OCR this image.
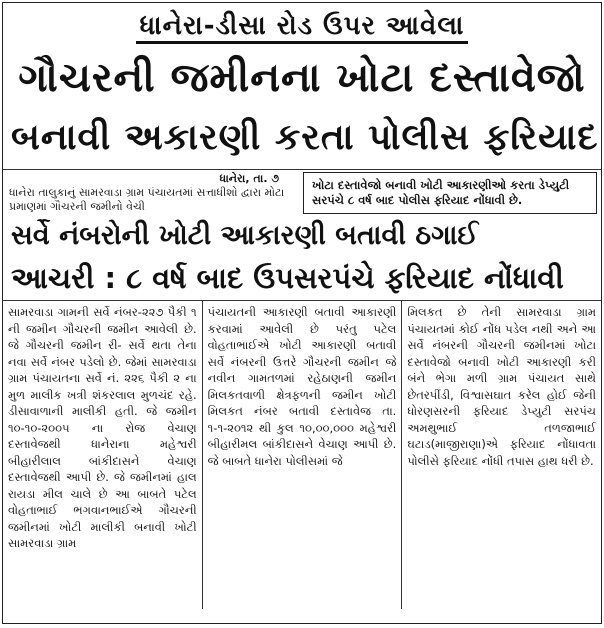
ધાનેરા-ડીસા રોડ ઉપર આવેલા
ગૌચરની જમીનના ખોટા દસ્તાવેજો
બનાવી અકારણી કરતા પોલીસ ફરિયાદ
ધાનેરા, તા. ૭
ધાનેરા તાલુકાનું સામરવાડા ગ્રામ પંચાયતમાં સત્તાધીશો દ્વારા મોટા પ્રમાણમાં ગૌચરની જમીનો વેચી
ખોટા દસ્તાવેજો બનાવી ખોટી આકારણીઓ કરતા ડેપ્યુટી સરપંચે ૮ વર્ષ બાદ પોલીસ ફરિયાદ નોંધાવી છે.
સર્વે નંબરોની ખોટી આકારણી બતાવી ઠગાઈ
આચરી : ૮ વર્ષ બાદ ઉપસરપંચે ફરિયાદ નોંધાવી

સામરવાડા ગામની સર્વે નંબર-૨૨૭ પૈકી ૧ ની જમીન ગૌચરની જમીન આવેલી છે. જે ગૌચરની જમીન રી- સર્વે થતા તેના નવા સર્વે નંબર પડેલો છે. જેમાં સામરવાડા ગ્રામ પંચાયતના સર્વે નં. ૨૨૬ પૈકી ૨ ના મુળ માલીક ખત્રી શંકરલાલ મુળચંદ રહે. ડીસાવાળાની માલીકી હતી. જે જમીન ૧૦-૧૦-૨૦૦૫ ના રોજ વેચાણ દસ્તાવેજથી ધાનેરાના મહેશ્વરી બીહારીલાલ બાંકીદાસને વેચાણ દસ્તાવેજથી આપી છે. જે જમીનમાં હાલ રાયડા મીલ ચાલે છે આ બાબતે પટેલ વોહતાભાઈ ભગવાનભાઈએ ગૌચરની જમીનમાં ખોટી માલીકી બનાવી ખોટી સામરવાડા ગ્રામ

પંચાયતની આકારણી બતાવી આકારણી કરવામાં આવેલી છે પરંતુ પટેલ વોહતાભાઈએ ખોટી આકારણી બતાવી સર્વે નંબરની ઉત્તરે ગૌચરની જમીન જે નવીન ગામતળમાં રહેઠાણની જમીન મિલકતવાળી ક્ષેત્રફળની જમીન ખોટી મિલકત નંબર બતાવી દસ્તાવેજ તા. ૧-૧-૨૦૧૨ થી કુલ ૧૦,૦૦,૦૦૦ મહેશ્વરી બીહારીમલ બાંકીદાસને વેચાણ આપી છે. જે બાબતે ધાનેરા પોલીસમાં જે

મિલકત છે તેની સામરવાડા ગ્રામ પંચાયતમાં કોઈ નોંધ પડેલ નથી અને આ સર્વે નંબરની ગૌચરની જમીનમાં ખોટા દસ્તાવેજો બનાવી ખોટી આકારણી કરી બંને ભેગા મળી ગ્રામ પંચાયત સાથે છેતરપીંડી, વિશ્વાસઘાત કરેલ હોઈ જેની ધોરણસરની ફરિયાદ ડેપ્યુટી સરપંચ અમથુભાઈ તળજાભાઈ ઘટાડ(માજીરાણા)એ ફરિયાદ નોંધાવતા પોલીસે ફરિયાદ નોંધી તપાસ હાથ ધરી છે.
